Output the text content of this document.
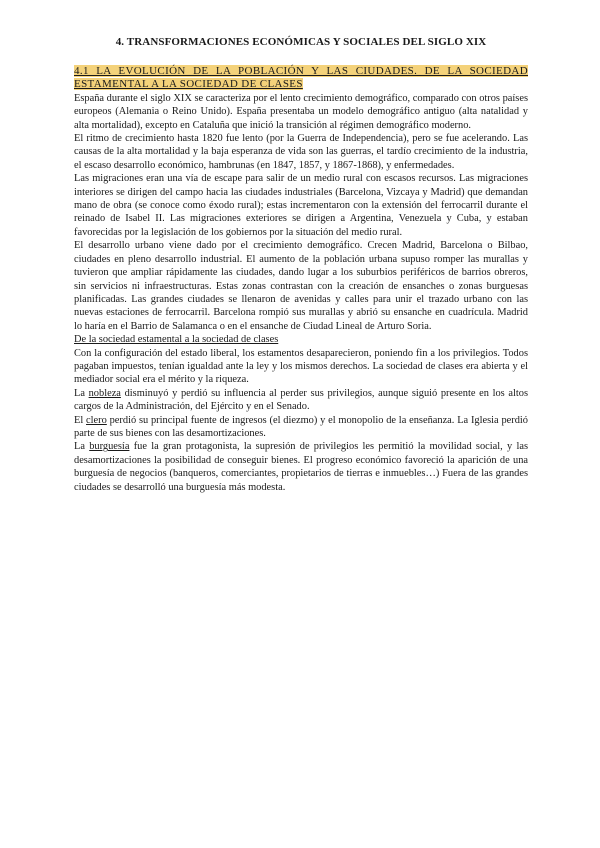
4. TRANSFORMACIONES ECONÓMICAS Y SOCIALES DEL SIGLO XIX
4.1 LA EVOLUCIÓN DE LA POBLACIÓN Y LAS CIUDADES. DE LA SOCIEDAD ESTAMENTAL A LA SOCIEDAD DE CLASES

España durante el siglo XIX se caracteriza por el lento crecimiento demográfico, comparado con otros países europeos (Alemania o Reino Unido). España presentaba un modelo demográfico antiguo (alta natalidad y alta mortalidad), excepto en Cataluña que inició la transición al régimen demográfico moderno.

El ritmo de crecimiento hasta 1820 fue lento (por la Guerra de Independencia), pero se fue acelerando. Las causas de la alta mortalidad y la baja esperanza de vida son las guerras, el tardío crecimiento de la industria, el escaso desarrollo económico, hambrunas (en 1847, 1857, y 1867-1868), y enfermedades.

Las migraciones eran una vía de escape para salir de un medio rural con escasos recursos. Las migraciones interiores se dirigen del campo hacia las ciudades industriales (Barcelona, Vizcaya y Madrid) que demandan mano de obra (se conoce como éxodo rural); estas incrementaron con la extensión del ferrocarril durante el reinado de Isabel II. Las migraciones exteriores se dirigen a Argentina, Venezuela y Cuba, y estaban favorecidas por la legislación de los gobiernos por la situación del medio rural.

El desarrollo urbano viene dado por el crecimiento demográfico. Crecen Madrid, Barcelona o Bilbao, ciudades en pleno desarrollo industrial. El aumento de la población urbana supuso romper las murallas y tuvieron que ampliar rápidamente las ciudades, dando lugar a los suburbios periféricos de barrios obreros, sin servicios ni infraestructuras. Estas zonas contrastan con la creación de ensanches o zonas burguesas planificadas. Las grandes ciudades se llenaron de avenidas y calles para unir el trazado urbano con las nuevas estaciones de ferrocarril. Barcelona rompió sus murallas y abrió su ensanche en cuadrícula. Madrid lo haría en el Barrio de Salamanca o en el ensanche de Ciudad Lineal de Arturo Soria.

De la sociedad estamental a la sociedad de clases

Con la configuración del estado liberal, los estamentos desaparecieron, poniendo fin a los privilegios. Todos pagaban impuestos, tenían igualdad ante la ley y los mismos derechos. La sociedad de clases era abierta y el mediador social era el mérito y la riqueza.

La nobleza disminuyó y perdió su influencia al perder sus privilegios, aunque siguió presente en los altos cargos de la Administración, del Ejército y en el Senado.

El clero perdió su principal fuente de ingresos (el diezmo) y el monopolio de la enseñanza. La Iglesia perdió parte de sus bienes con las desamortizaciones.

La burguesía fue la gran protagonista, la supresión de privilegios les permitió la movilidad social, y las desamortizaciones la posibilidad de conseguir bienes. El progreso económico favoreció la aparición de una burguesía de negocios (banqueros, comerciantes, propietarios de tierras e inmuebles…) Fuera de las grandes ciudades se desarrolló una burguesía más modesta.
